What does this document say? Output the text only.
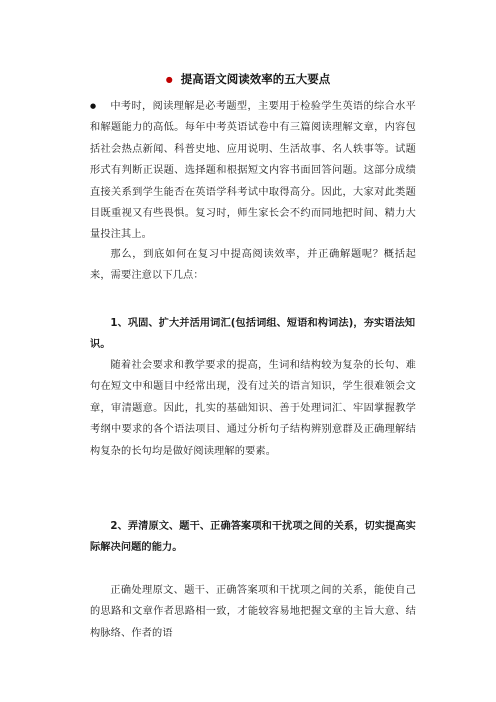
● 提高语文阅读效率的五大要点
●	中考时，阅读理解是必考题型，主要用于检验学生英语的综合水平和解题能力的高低。每年中考英语试卷中有三篇阅读理解文章，内容包括社会热点新闻、科普史地、应用说明、生活故事、名人轶事等。试题形式有判断正误题、选择题和根据短文内容书面回答问题。这部分成绩直接关系到学生能否在英语学科考试中取得高分。因此，大家对此类题目既重视又有些畏惧。复习时，师生家长会不约而同地把时间、精力大量投注其上。
那么，到底如何在复习中提高阅读效率，并正确解题呢？概括起来，需要注意以下几点：
1、巩固、扩大并活用词汇(包括词组、短语和构词法)，夯实语法知识。
随着社会要求和教学要求的提高，生词和结构较为复杂的长句、难句在短文中和题目中经常出现，没有过关的语言知识，学生很难领会文章，审清题意。因此，扎实的基础知识、善于处理词汇、牢固掌握教学考纲中要求的各个语法项目、通过分析句子结构辨别意群及正确理解结构复杂的长句均是做好阅读理解的要素。
2、弄清原文、题干、正确答案项和干扰项之间的关系，切实提高实际解决问题的能力。
正确处理原文、题干、正确答案项和干扰项之间的关系，能使自己的思路和文章作者思路相一致，才能较容易地把握文章的主旨大意、结构脉络、作者的语
